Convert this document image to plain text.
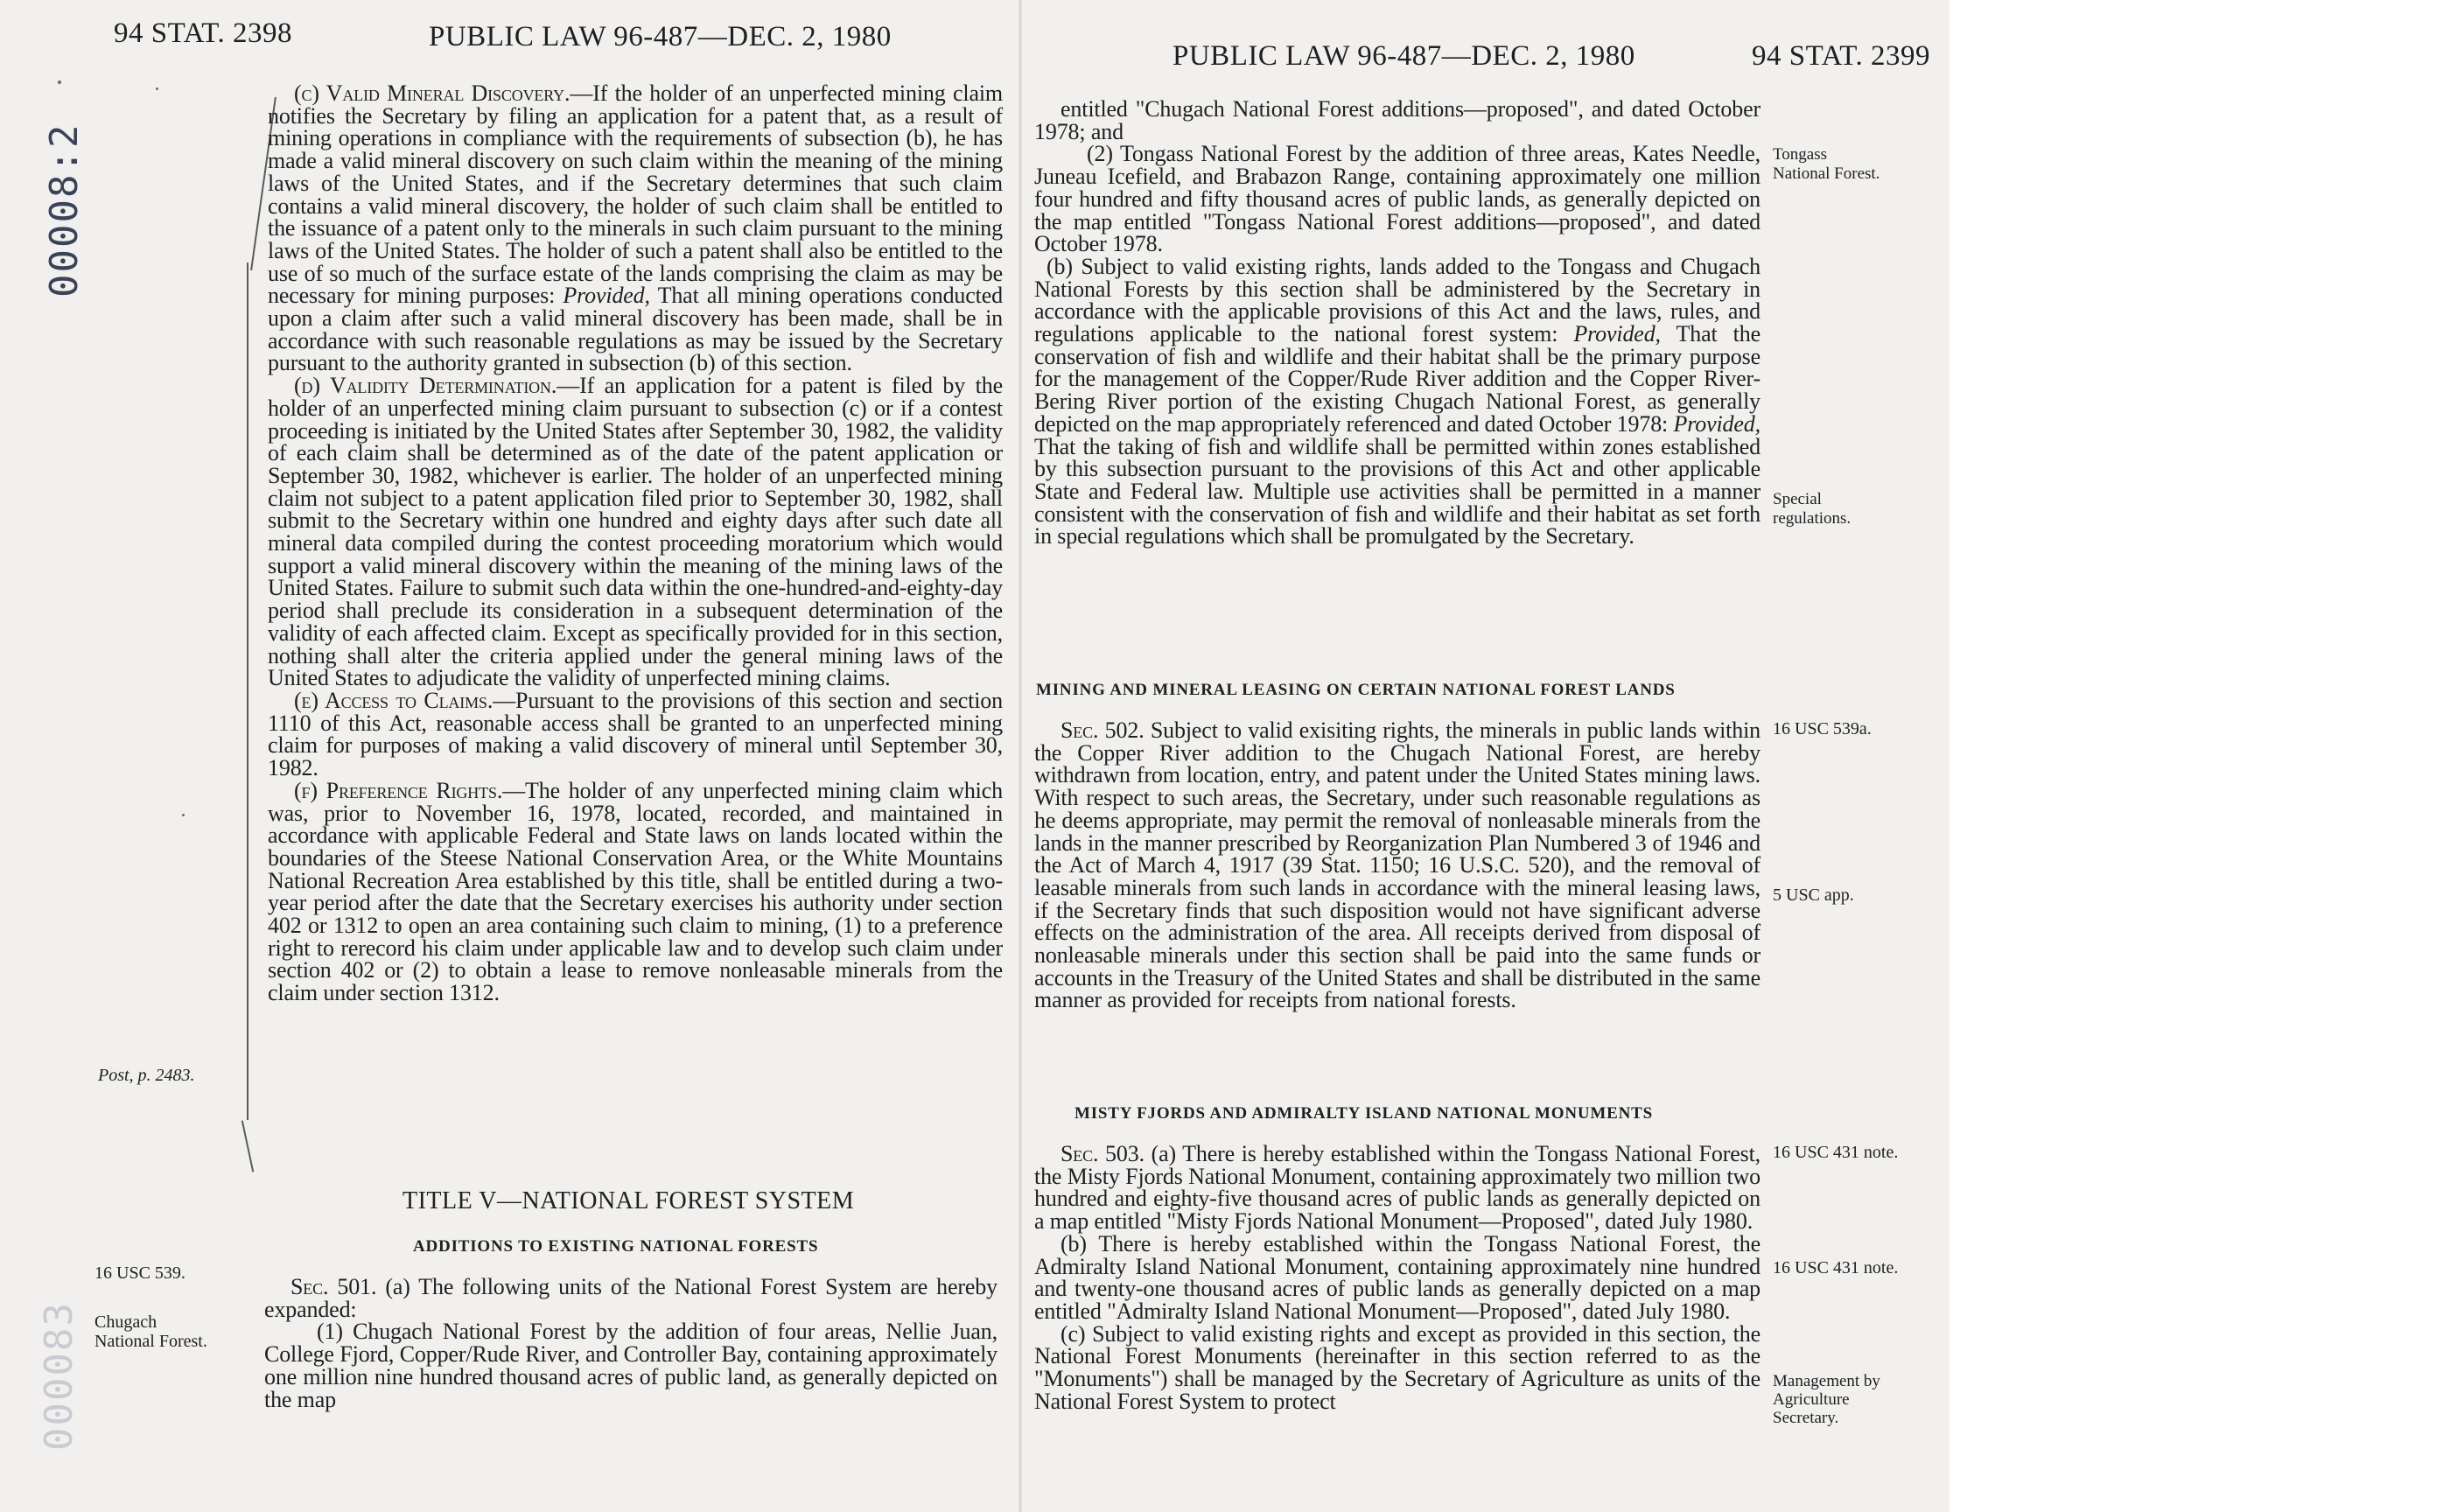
94 STAT. 2398	PUBLIC LAW 96-487—DEC. 2, 1980
00008:2
000083

(c) Valid Mineral Discovery.—If the holder of an unperfected mining claim notifies the Secretary by filing an application for a patent that, as a result of mining operations in compliance with the requirements of subsection (b), he has made a valid mineral discovery on such claim within the meaning of the mining laws of the United States, and if the Secretary determines that such claim contains a valid mineral discovery, the holder of such claim shall be entitled to the issuance of a patent only to the minerals in such claim pursuant to the mining laws of the United States. The holder of such a patent shall also be entitled to the use of so much of the surface estate of the lands comprising the claim as may be necessary for mining purposes: Provided, That all mining operations conducted upon a claim after such a valid mineral discovery has been made, shall be in accordance with such reasonable regulations as may be issued by the Secretary pursuant to the authority granted in subsection (b) of this section.

(d) Validity Determination.—If an application for a patent is filed by the holder of an unperfected mining claim pursuant to subsection (c) or if a contest proceeding is initiated by the United States after September 30, 1982, the validity of each claim shall be determined as of the date of the patent application or September 30, 1982, whichever is earlier. The holder of an unperfected mining claim not subject to a patent application filed prior to September 30, 1982, shall submit to the Secretary within one hundred and eighty days after such date all mineral data compiled during the contest proceeding moratorium which would support a valid mineral discovery within the meaning of the mining laws of the United States. Failure to submit such data within the one-hundred-and-eighty-day period shall preclude its consideration in a subsequent determination of the validity of each affected claim. Except as specifically provided for in this section, nothing shall alter the criteria applied under the general mining laws of the United States to adjudicate the validity of unperfected mining claims.

(e) Access to Claims.—Pursuant to the provisions of this section and section 1110 of this Act, reasonable access shall be granted to an unperfected mining claim for purposes of making a valid discovery of mineral until September 30, 1982.

(f) Preference Rights.—The holder of any unperfected mining claim which was, prior to November 16, 1978, located, recorded, and maintained in accordance with applicable Federal and State laws on lands located within the boundaries of the Steese National Conservation Area, or the White Mountains National Recreation Area established by this title, shall be entitled during a two-year period after the date that the Secretary exercises his authority under section 402 or 1312 to open an area containing such claim to mining, (1) to a preference right to rerecord his claim under applicable law and to develop such claim under section 402 or (2) to obtain a lease to remove nonleasable minerals from the claim under section 1312.

TITLE V—NATIONAL FOREST SYSTEM
ADDITIONS TO EXISTING NATIONAL FORESTS

Sec. 501. (a) The following units of the National Forest System are hereby expanded:

(1) Chugach National Forest by the addition of four areas, Nellie Juan, College Fjord, Copper/Rude River, and Controller Bay, containing approximately one million nine hundred thousand acres of public land, as generally depicted on the map

Post, p. 2483.
16 USC 539.
Chugach
National Forest.
PUBLIC LAW 96-487—DEC. 2, 1980	94 STAT. 2399

entitled "Chugach National Forest additions—proposed", and dated October 1978; and

(2) Tongass National Forest by the addition of three areas, Kates Needle, Juneau Icefield, and Brabazon Range, containing approximately one million four hundred and fifty thousand acres of public lands, as generally depicted on the map entitled "Tongass National Forest additions—proposed", and dated October 1978.

(b) Subject to valid existing rights, lands added to the Tongass and Chugach National Forests by this section shall be administered by the Secretary in accordance with the applicable provisions of this Act and the laws, rules, and regulations applicable to the national forest system: Provided, That the conservation of fish and wildlife and their habitat shall be the primary purpose for the management of the Copper/Rude River addition and the Copper River-Bering River portion of the existing Chugach National Forest, as generally depicted on the map appropriately referenced and dated October 1978: Provided, That the taking of fish and wildlife shall be permitted within zones established by this subsection pursuant to the provisions of this Act and other applicable State and Federal law. Multiple use activities shall be permitted in a manner consistent with the conservation of fish and wildlife and their habitat as set forth in special regulations which shall be promulgated by the Secretary.

MINING AND MINERAL LEASING ON CERTAIN NATIONAL FOREST LANDS

Sec. 502. Subject to valid exisiting rights, the minerals in public lands within the Copper River addition to the Chugach National Forest, are hereby withdrawn from location, entry, and patent under the United States mining laws. With respect to such areas, the Secretary, under such reasonable regulations as he deems appropriate, may permit the removal of nonleasable minerals from the lands in the manner prescribed by Reorganization Plan Numbered 3 of 1946 and the Act of March 4, 1917 (39 Stat. 1150; 16 U.S.C. 520), and the removal of leasable minerals from such lands in accordance with the mineral leasing laws, if the Secretary finds that such disposition would not have significant adverse effects on the administration of the area. All receipts derived from disposal of nonleasable minerals under this section shall be paid into the same funds or accounts in the Treasury of the United States and shall be distributed in the same manner as provided for receipts from national forests.

MISTY FJORDS AND ADMIRALTY ISLAND NATIONAL MONUMENTS

Sec. 503. (a) There is hereby established within the Tongass National Forest, the Misty Fjords National Monument, containing approximately two million two hundred and eighty-five thousand acres of public lands as generally depicted on a map entitled "Misty Fjords National Monument—Proposed", dated July 1980.

(b) There is hereby established within the Tongass National Forest, the Admiralty Island National Monument, containing approximately nine hundred and twenty-one thousand acres of public lands as generally depicted on a map entitled "Admiralty Island National Monument—Proposed", dated July 1980.

(c) Subject to valid existing rights and except as provided in this section, the National Forest Monuments (hereinafter in this section referred to as the "Monuments") shall be managed by the Secretary of Agriculture as units of the National Forest System to protect

Tongass
National Forest.
Special
regulations.
16 USC 539a.
5 USC app.
16 USC 431 note.
16 USC 431 note.
Management by
Agriculture
Secretary.
